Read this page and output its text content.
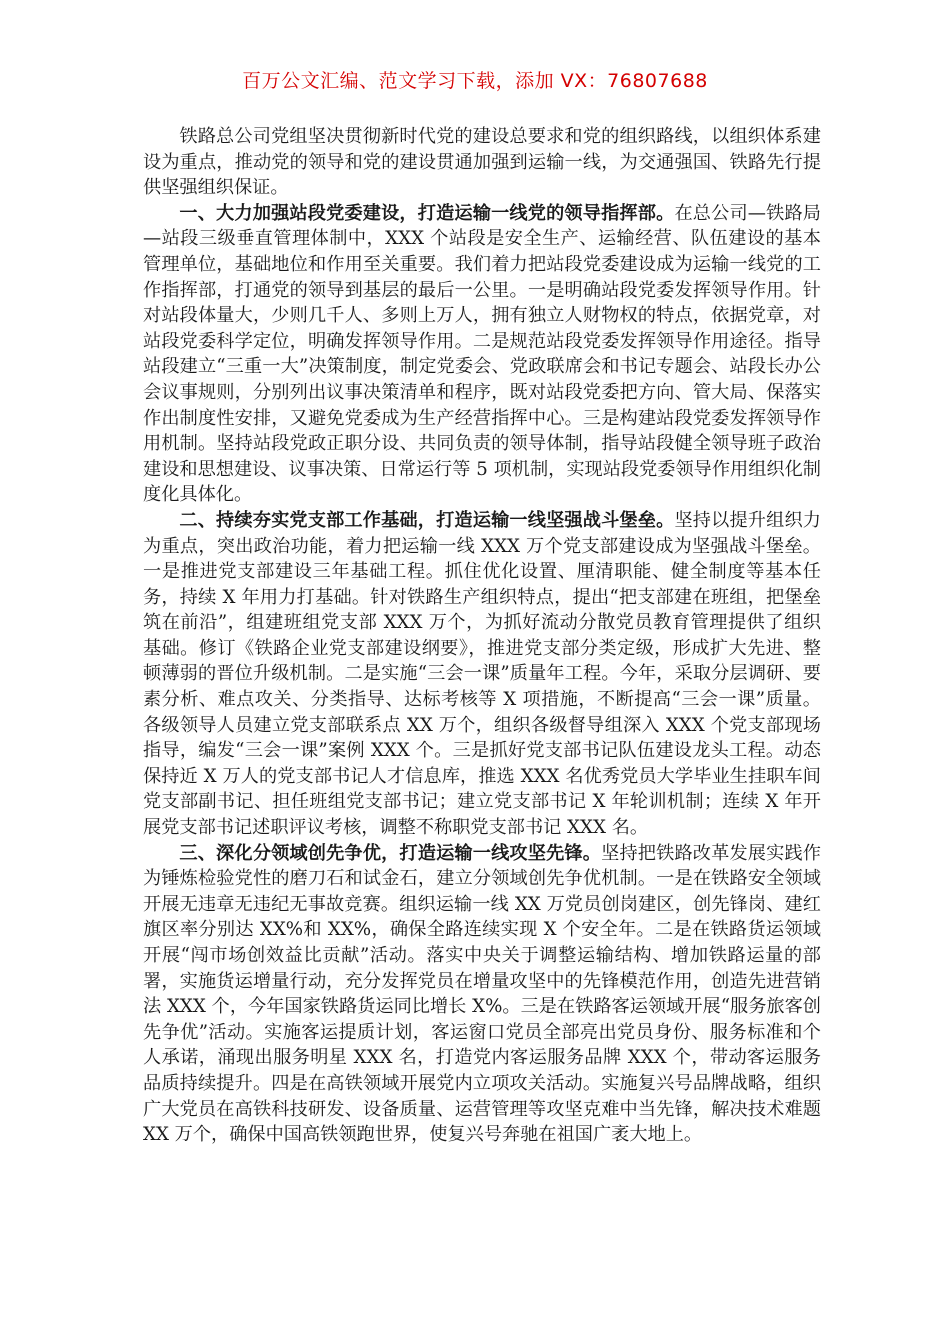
百万公文汇编、范文学习下载，添加 VX：76807688

铁路总公司党组坚决贯彻新时代党的建设总要求和党的组织路线，以组织体系建设为重点，推动党的领导和党的建设贯通加强到运输一线，为交通强国、铁路先行提供坚强组织保证。

一、大力加强站段党委建设，打造运输一线党的领导指挥部。在总公司—铁路局—站段三级垂直管理体制中，XXX 个站段是安全生产、运输经营、队伍建设的基本管理单位，基础地位和作用至关重要。我们着力把站段党委建设成为运输一线党的工作指挥部，打通党的领导到基层的最后一公里。一是明确站段党委发挥领导作用。针对站段体量大，少则几千人、多则上万人，拥有独立人财物权的特点，依据党章，对站段党委科学定位，明确发挥领导作用。二是规范站段党委发挥领导作用途径。指导站段建立“三重一大”决策制度，制定党委会、党政联席会和书记专题会、站段长办公会议事规则，分别列出议事决策清单和程序，既对站段党委把方向、管大局、保落实作出制度性安排，又避免党委成为生产经营指挥中心。三是构建站段党委发挥领导作用机制。坚持站段党政正职分设、共同负责的领导体制，指导站段健全领导班子政治建设和思想建设、议事决策、日常运行等 5 项机制，实现站段党委领导作用组织化制度化具体化。

二、持续夯实党支部工作基础，打造运输一线坚强战斗堡垒。坚持以提升组织力为重点，突出政治功能，着力把运输一线 XXX 万个党支部建设成为坚强战斗堡垒。一是推进党支部建设三年基础工程。抓住优化设置、厘清职能、健全制度等基本任务，持续 X 年用力打基础。针对铁路生产组织特点，提出“把支部建在班组，把堡垒筑在前沿”，组建班组党支部 XXX 万个，为抓好流动分散党员教育管理提供了组织基础。修订《铁路企业党支部建设纲要》，推进党支部分类定级，形成扩大先进、整顿薄弱的晋位升级机制。二是实施“三会一课”质量年工程。今年，采取分层调研、要素分析、难点攻关、分类指导、达标考核等 X 项措施，不断提高“三会一课”质量。各级领导人员建立党支部联系点 XX 万个，组织各级督导组深入 XXX 个党支部现场指导，编发“三会一课”案例 XXX 个。三是抓好党支部书记队伍建设龙头工程。动态保持近 X 万人的党支部书记人才信息库，推选 XXX 名优秀党员大学毕业生挂职车间党支部副书记、担任班组党支部书记；建立党支部书记 X 年轮训机制；连续 X 年开展党支部书记述职评议考核，调整不称职党支部书记 XXX 名。

三、深化分领域创先争优，打造运输一线攻坚先锋。坚持把铁路改革发展实践作为锤炼检验党性的磨刀石和试金石，建立分领域创先争优机制。一是在铁路安全领域开展无违章无违纪无事故竞赛。组织运输一线 XX 万党员创岗建区，创先锋岗、建红旗区率分别达 XX%和 XX%，确保全路连续实现 X 个安全年。二是在铁路货运领域开展“闯市场创效益比贡献”活动。落实中央关于调整运输结构、增加铁路运量的部署，实施货运增量行动，充分发挥党员在增量攻坚中的先锋模范作用，创造先进营销法 XXX 个，今年国家铁路货运同比增长 X%。三是在铁路客运领域开展“服务旅客创先争优”活动。实施客运提质计划，客运窗口党员全部亮出党员身份、服务标准和个人承诺，涌现出服务明星 XXX 名，打造党内客运服务品牌 XXX 个，带动客运服务品质持续提升。四是在高铁领域开展党内立项攻关活动。实施复兴号品牌战略，组织广大党员在高铁科技研发、设备质量、运营管理等攻坚克难中当先锋，解决技术难题 XX 万个，确保中国高铁领跑世界，使复兴号奔驰在祖国广袤大地上。
